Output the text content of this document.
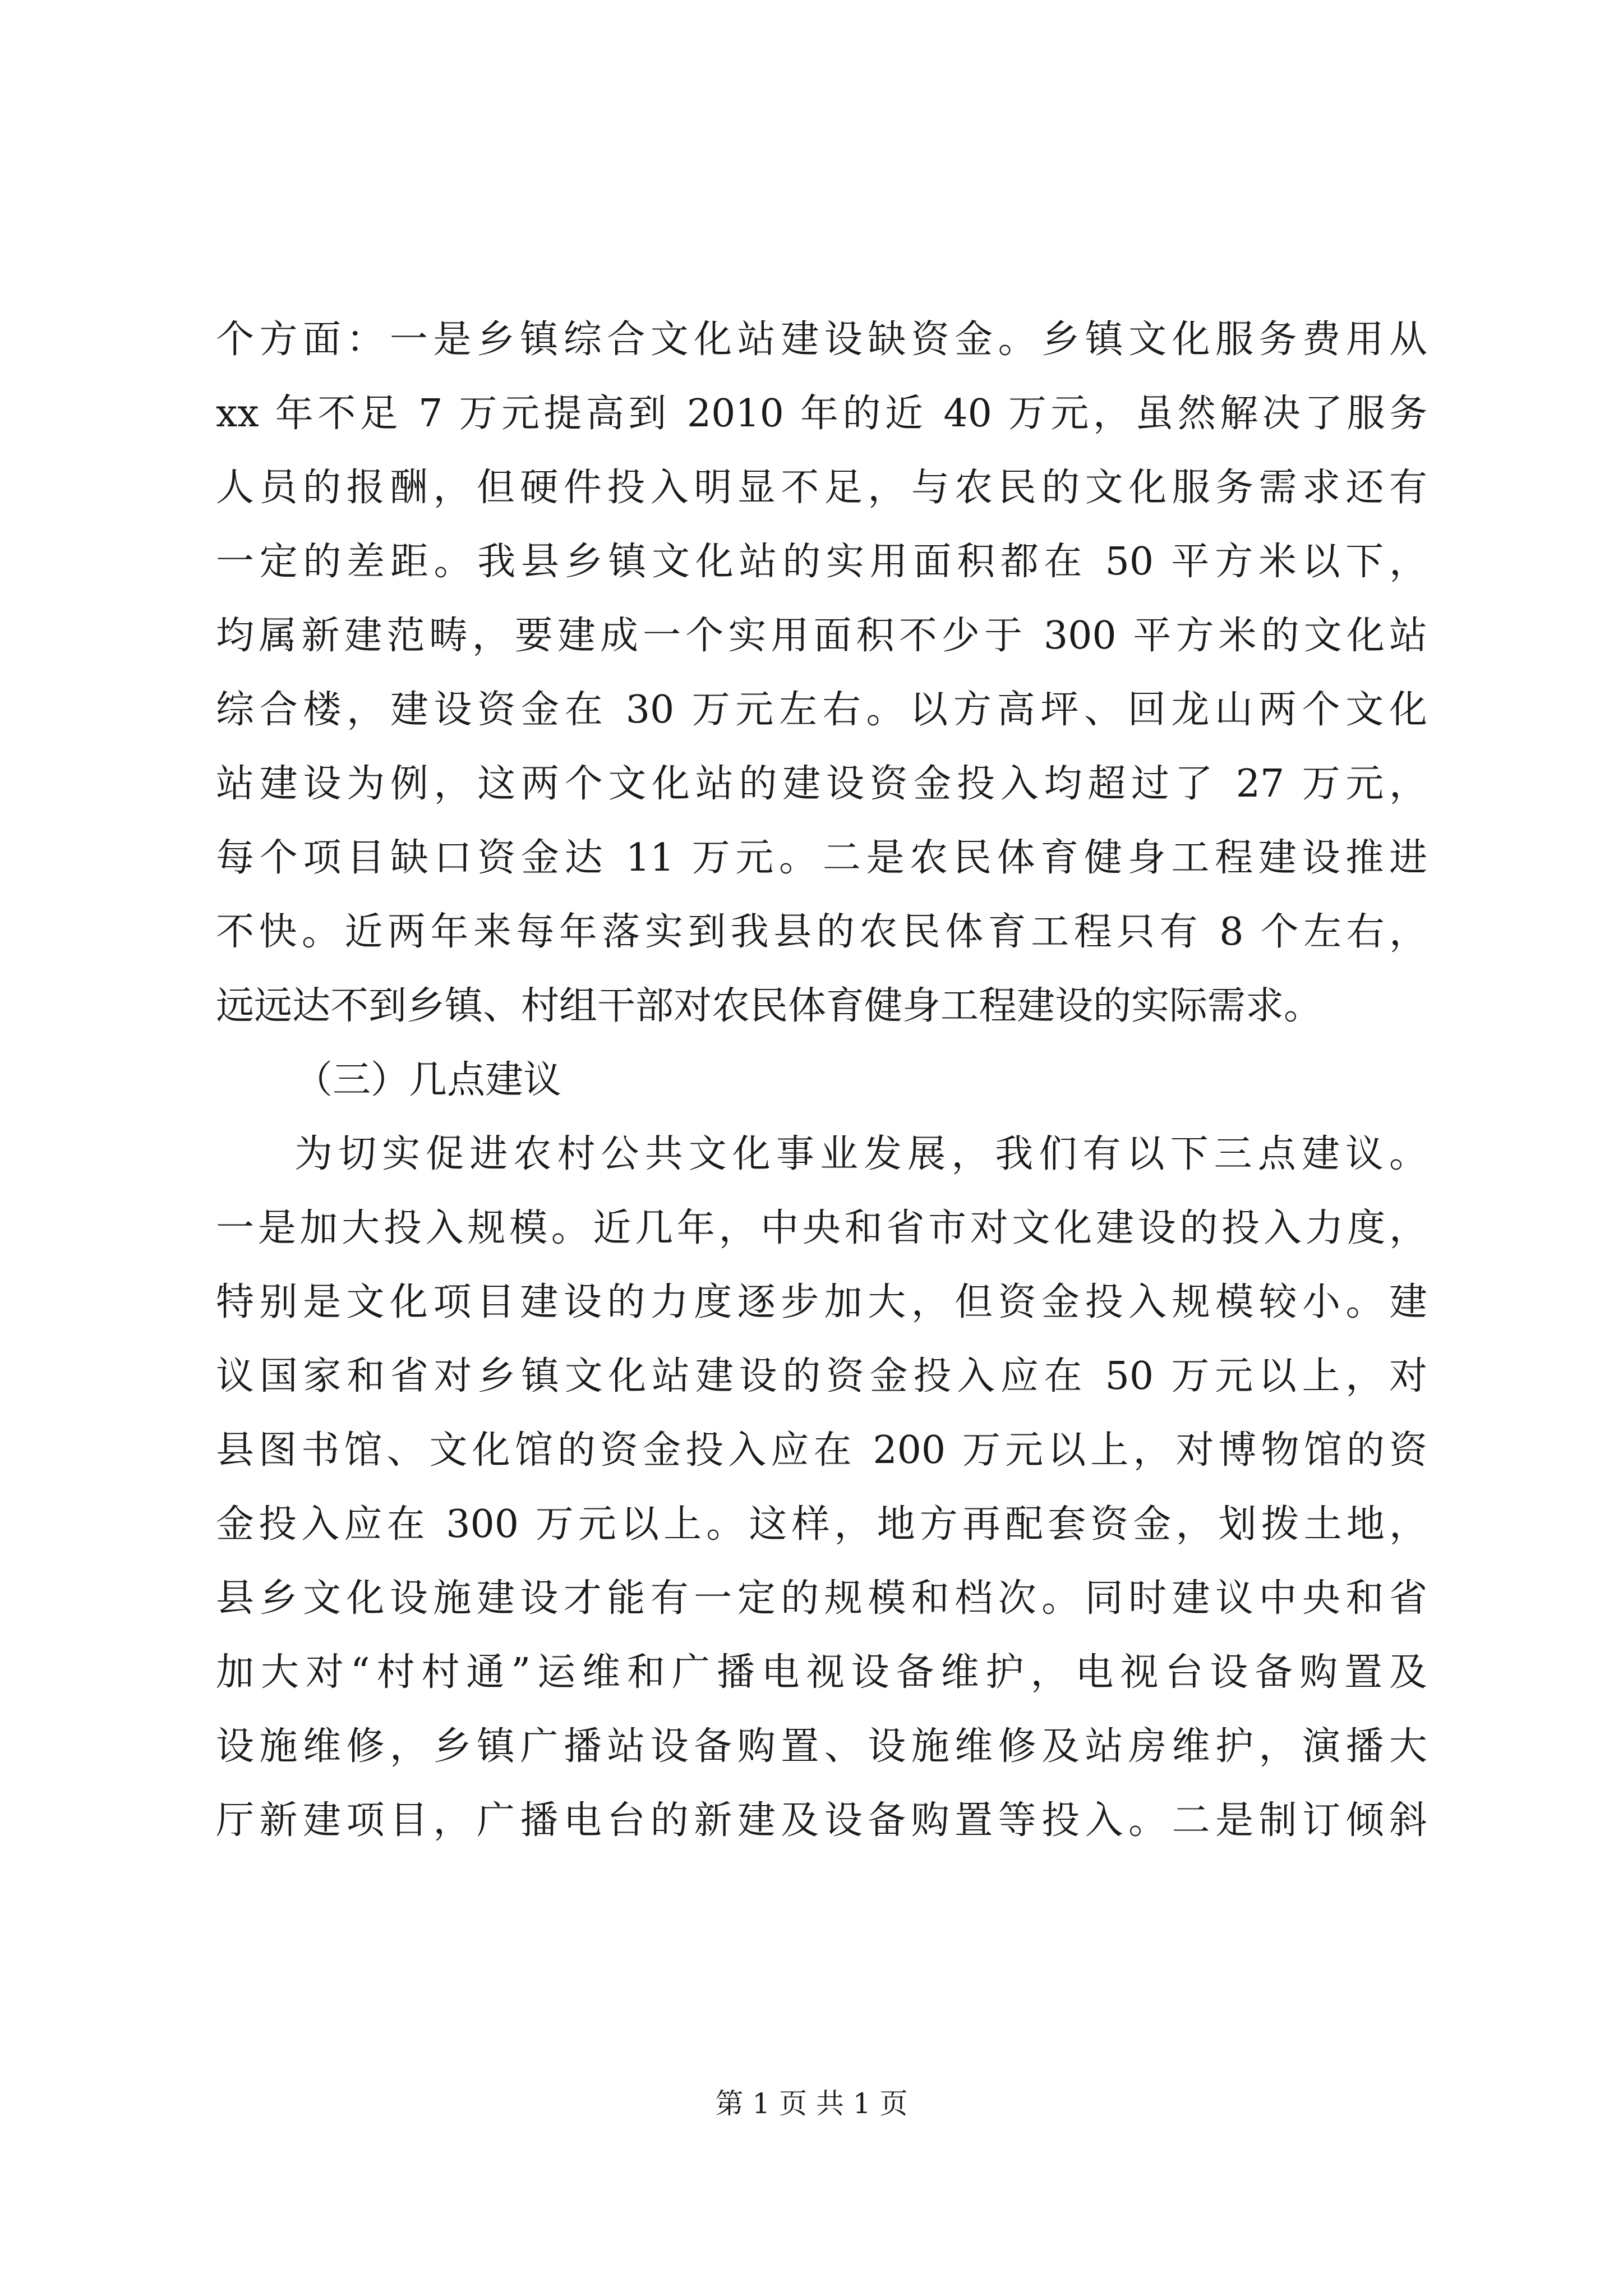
个方面：一是乡镇综合文化站建设缺资金。乡镇文化服务费用从
xx 年不足 7 万元提高到 2010 年的近 40 万元，虽然解决了服务
人员的报酬，但硬件投入明显不足，与农民的文化服务需求还有
一定的差距。我县乡镇文化站的实用面积都在 50 平方米以下，
均属新建范畴，要建成一个实用面积不少于 300 平方米的文化站
综合楼，建设资金在 30 万元左右。以方高坪、回龙山两个文化
站建设为例，这两个文化站的建设资金投入均超过了 27 万元，
每个项目缺口资金达 11 万元。二是农民体育健身工程建设推进
不快。近两年来每年落实到我县的农民体育工程只有 8 个左右，
远远达不到乡镇、村组干部对农民体育健身工程建设的实际需求。
（三）几点建议
为切实促进农村公共文化事业发展，我们有以下三点建议。
一是加大投入规模。近几年，中央和省市对文化建设的投入力度，
特别是文化项目建设的力度逐步加大，但资金投入规模较小。建
议国家和省对乡镇文化站建设的资金投入应在 50 万元以上，对
县图书馆、文化馆的资金投入应在 200 万元以上，对博物馆的资
金投入应在 300 万元以上。这样，地方再配套资金，划拨土地，
县乡文化设施建设才能有一定的规模和档次。同时建议中央和省
加大对“村村通”运维和广播电视设备维护，电视台设备购置及
设施维修，乡镇广播站设备购置、设施维修及站房维护，演播大
厅新建项目，广播电台的新建及设备购置等投入。二是制订倾斜
第 1 页 共 1 页
